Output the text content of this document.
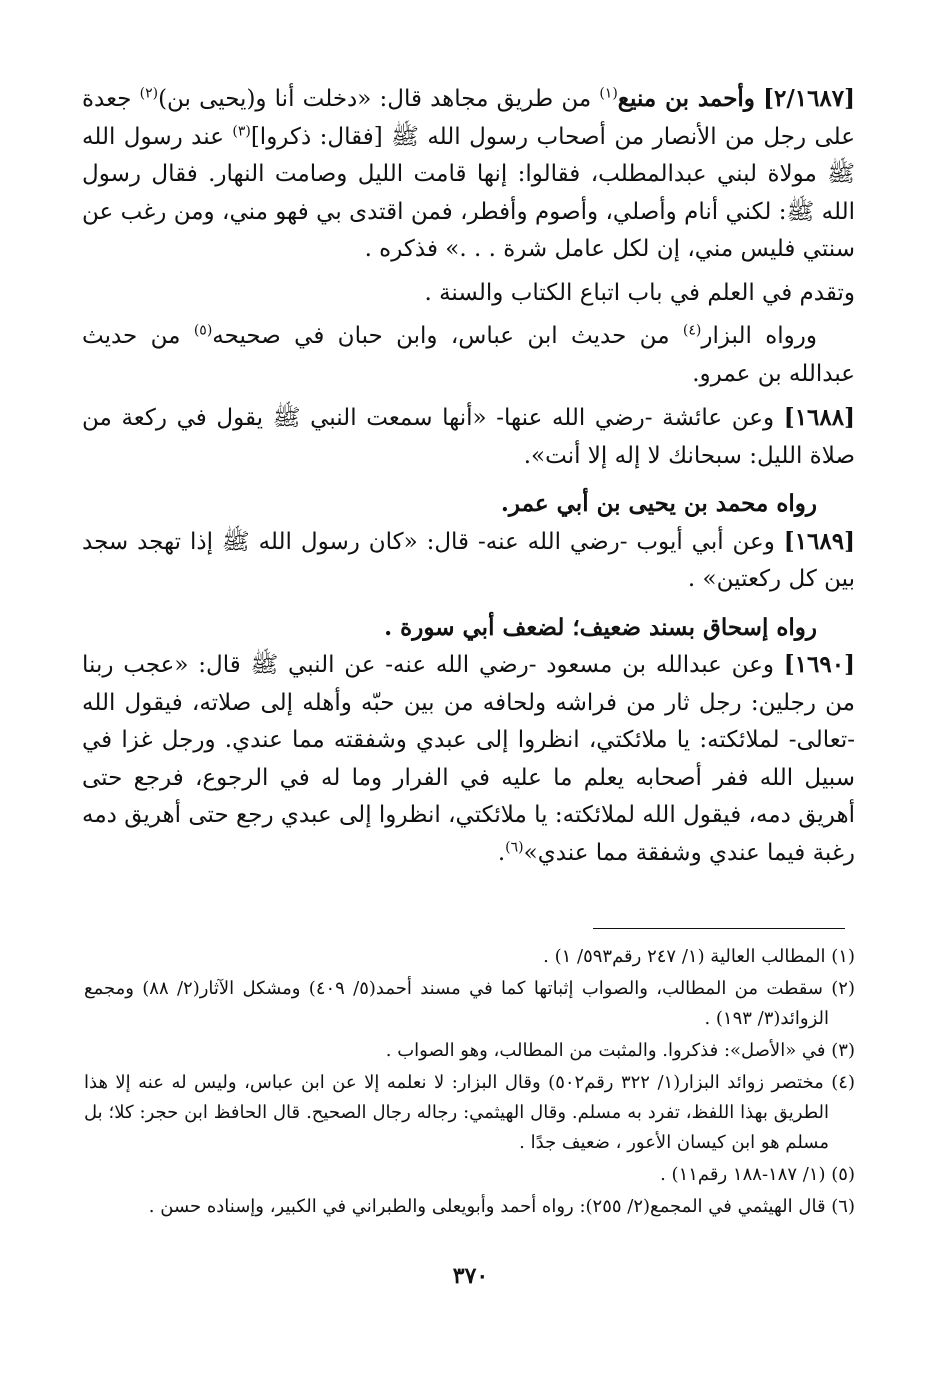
[٢/١٦٨٧] وأحمد بن منيع$^{(١)}$ من طريق مجاهد قال: «دخلت أنا و(يحيى بن)$^{(٢)}$ جعدة على رجل من الأنصار من أصحاب رسول الله ﷺ [فقال: ذكروا]$^{(٣)}$ عند رسول الله ﷺ مولاة لبني عبدالمطلب، فقالوا: إنها قامت الليل وصامت النهار. فقال رسول الله ﷺ: لكني أنام وأصلي، وأصوم وأفطر، فمن اقتدى بي فهو مني، ومن رغب عن سنتي فليس مني، إن لكل عامل شرة . . .» فذكره .

وتقدم في العلم في باب اتباع الكتاب والسنة .

ورواه البزار$^{(٤)}$ من حديث ابن عباس، وابن حبان في صحيحه$^{(٥)}$ من حديث عبدالله بن عمرو.

[١٦٨٨] وعن عائشة -رضي الله عنها- «أنها سمعت النبي ﷺ يقول في ركعة من صلاة الليل: سبحانك لا إله إلا أنت».

رواه محمد بن يحيى بن أبي عمر.

[١٦٨٩] وعن أبي أيوب -رضي الله عنه- قال: «كان رسول الله ﷺ إذا تهجد سجد بين كل ركعتين» .

رواه إسحاق بسند ضعيف؛ لضعف أبي سورة .

[١٦٩٠] وعن عبدالله بن مسعود -رضي الله عنه- عن النبي ﷺ قال: «عجب ربنا من رجلين: رجل ثار من فراشه ولحافه من بين حبّه وأهله إلى صلاته، فيقول الله -تعالى- لملائكته: يا ملائكتي، انظروا إلى عبدي وشفقته مما عندي. ورجل غزا في سبيل الله ففر أصحابه يعلم ما عليه في الفرار وما له في الرجوع، فرجع حتى أهريق دمه، فيقول الله لملائكته: يا ملائكتي، انظروا إلى عبدي رجع حتى أهريق دمه رغبة فيما عندي وشفقة مما عندي»$^{(٦)}$.

(١) المطالب العالية (١/ ٢٤٧ رقم٥٩٣/ ١) .

(٢) سقطت من المطالب، والصواب إثباتها كما في مسند أحمد(٥/ ٤٠٩) ومشكل الآثار(٢/ ٨٨) ومجمع الزوائد(٣/ ١٩٣) .

(٣) في «الأصل»: فذكروا. والمثبت من المطالب، وهو الصواب .

(٤) مختصر زوائد البزار(١/ ٣٢٢ رقم٥٠٢) وقال البزار: لا نعلمه إلا عن ابن عباس، وليس له عنه إلا هذا الطريق بهذا اللفظ، تفرد به مسلم. وقال الهيثمي: رجاله رجال الصحيح. قال الحافظ ابن حجر: كلا؛ بل مسلم هو ابن كيسان الأعور ، ضعيف جدًا .

(٥) (١/ ١٨٧-١٨٨ رقم١١) .

(٦) قال الهيثمي في المجمع(٢/ ٢٥٥): رواه أحمد وأبويعلى والطبراني في الكبير، وإسناده حسن .

٣٧٠
